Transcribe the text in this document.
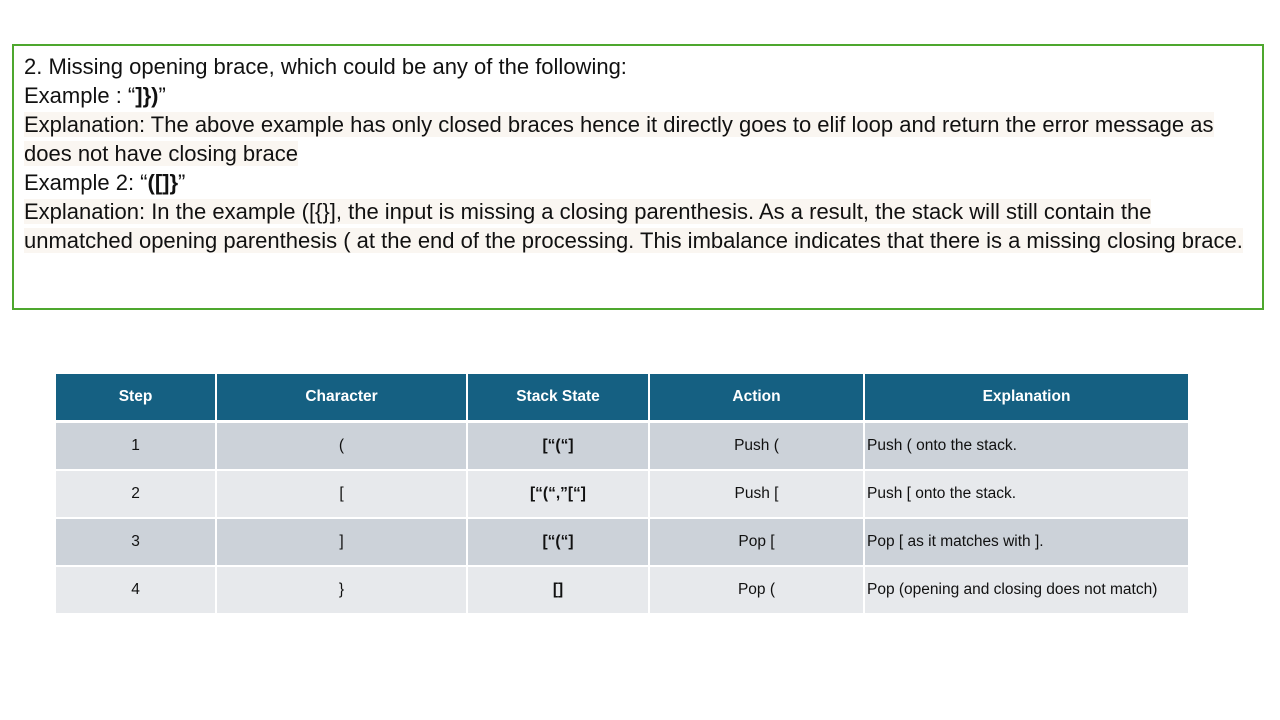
2. Missing opening brace, which could be any of the following:
Example : “]})”
Explanation: The above example has only closed braces hence it directly goes to elif loop and return the error message as does not have closing brace
Example 2: “([]}”
Explanation: In the example ([{}], the input is missing a closing parenthesis. As a result, the stack will still contain the unmatched opening parenthesis ( at the end of the processing. This imbalance indicates that there is a missing closing brace.
Step	Character	Stack State	Action	Explanation
1	(	[“(“]	Push (	Push ( onto the stack.
2	[	[“(“,”[“]	Push [	Push [ onto the stack.
3	]	[“(“]	Pop [	Pop [ as it matches with ].
4	}	[]	Pop (	Pop (opening and closing does not match)
